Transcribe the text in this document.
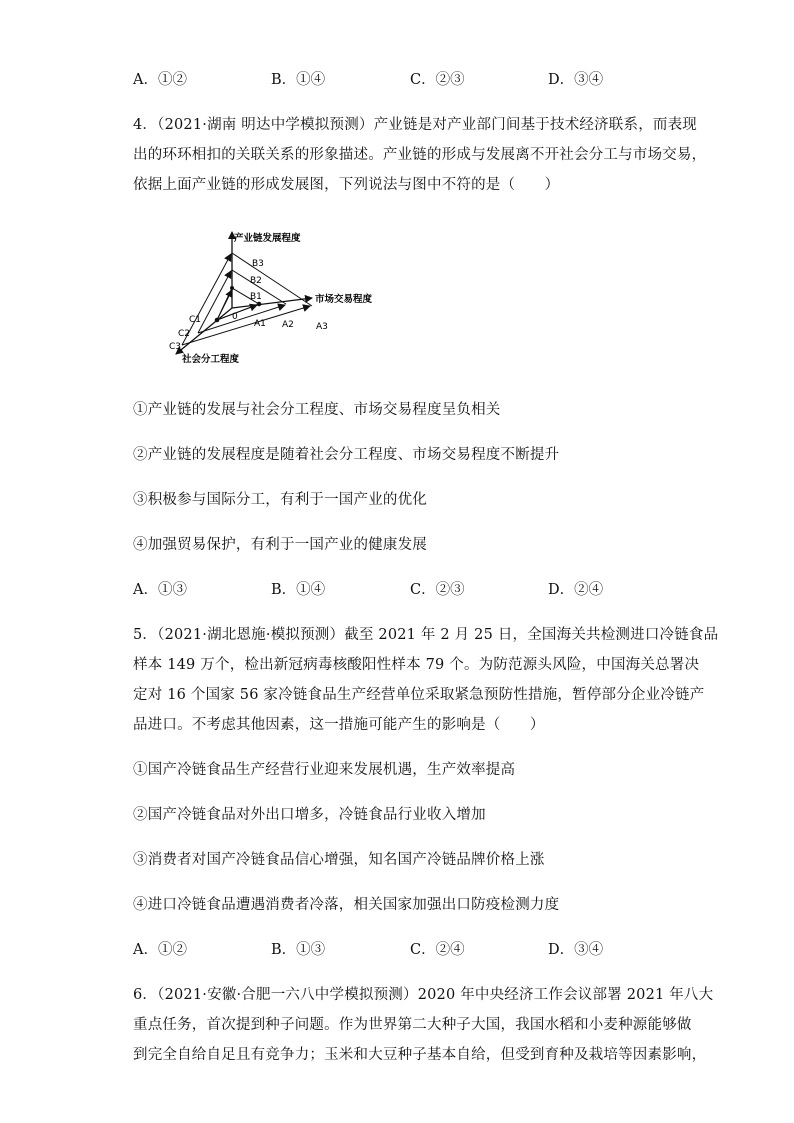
A．①②	B．①④	C．②③	D．③④
4．（2021·湖南 明达中学模拟预测）产业链是对产业部门间基于技术经济联系，而表现
出的环环相扣的关联关系的形象描述。产业链的形成与发展离不开社会分工与市场交易，
依据上面产业链的形成发展图，下列说法与图中不符的是（　　）
产业链发展程度
市场交易程度
社会分工程度
0
B1
B2
B3
A1 A2 A3
C1
C2
C3
①产业链的发展与社会分工程度、市场交易程度呈负相关
②产业链的发展程度是随着社会分工程度、市场交易程度不断提升
③积极参与国际分工，有利于一国产业的优化
④加强贸易保护，有利于一国产业的健康发展
A．①③	B．①④	C．②③	D．②④
5．（2021·湖北恩施·模拟预测）截至 2021 年 2 月 25 日，全国海关共检测进口冷链食品
样本 149 万个，检出新冠病毒核酸阳性样本 79 个。为防范源头风险，中国海关总署决
定对 16 个国家 56 家冷链食品生产经营单位采取紧急预防性措施，暂停部分企业冷链产
品进口。不考虑其他因素，这一措施可能产生的影响是（　　）
①国产冷链食品生产经营行业迎来发展机遇，生产效率提高
②国产冷链食品对外出口增多，冷链食品行业收入增加
③消费者对国产冷链食品信心增强，知名国产冷链品牌价格上涨
④进口冷链食品遭遇消费者冷落，相关国家加强出口防疫检测力度
A．①②	B．①③	C．②④	D．③④
6．（2021·安徽·合肥一六八中学模拟预测）2020 年中央经济工作会议部署 2021 年八大
重点任务，首次提到种子问题。作为世界第二大种子大国，我国水稻和小麦种源能够做
到完全自给自足且有竞争力；玉米和大豆种子基本自给，但受到育种及栽培等因素影响，
